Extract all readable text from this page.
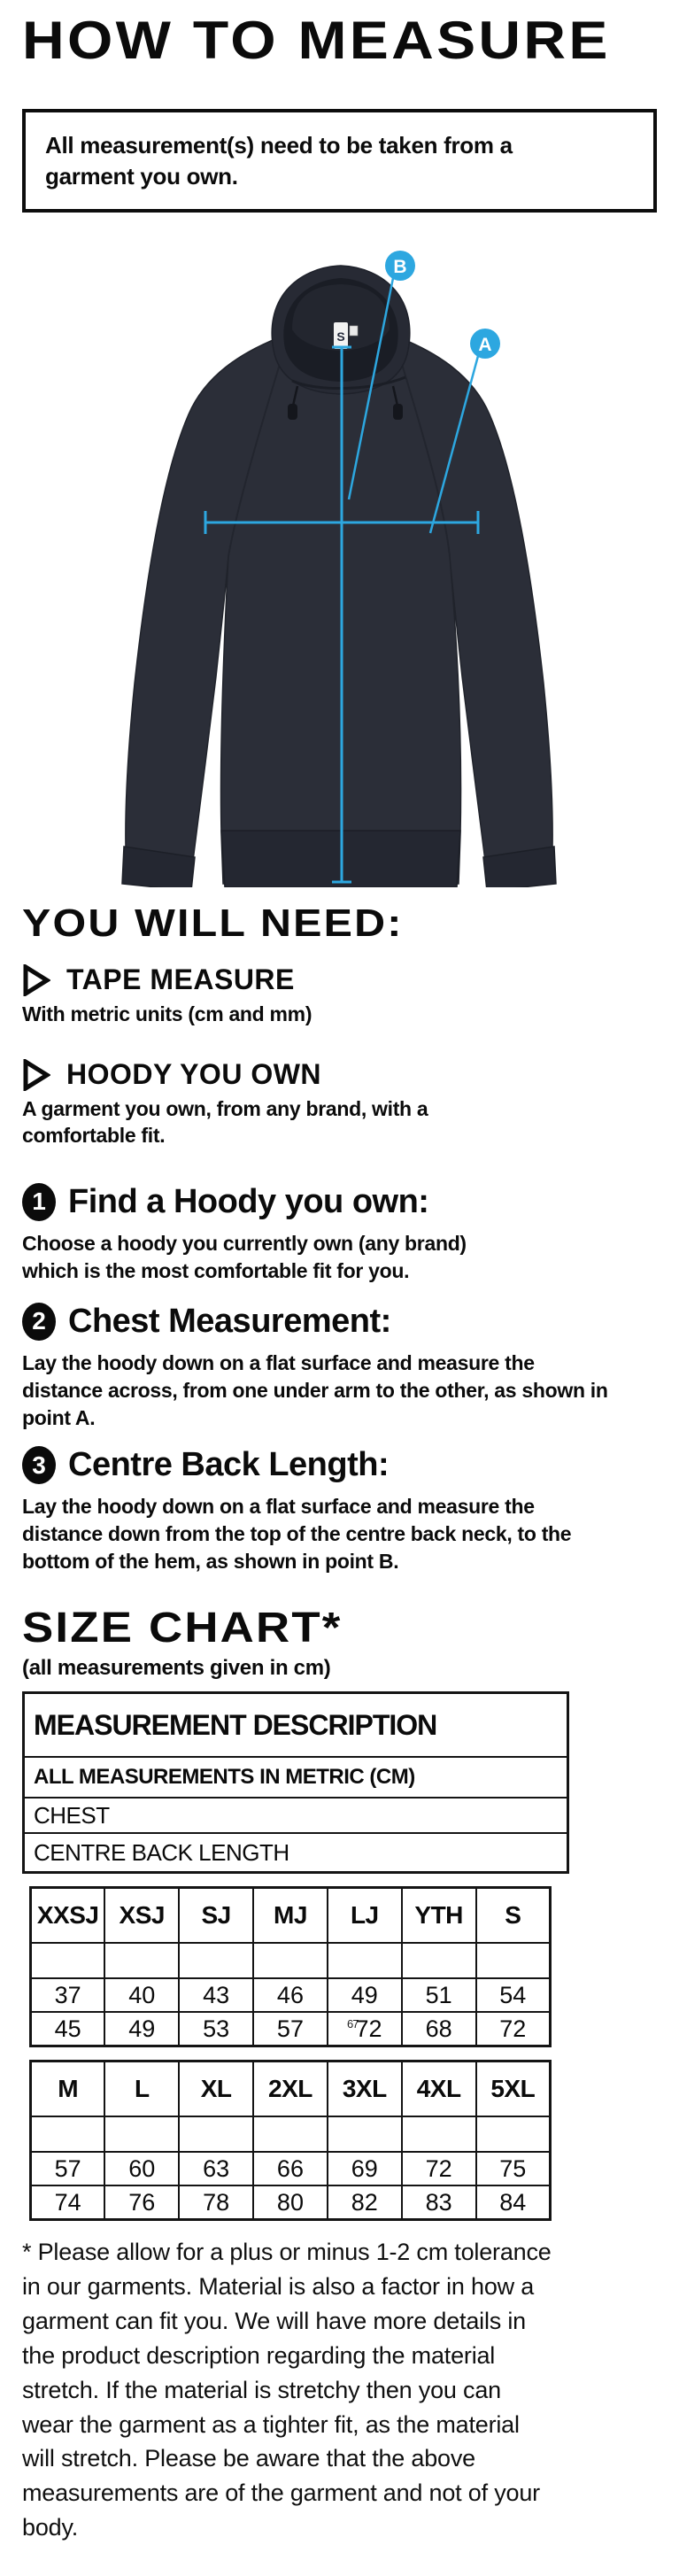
HOW TO MEASURE

All measurement(s) need to be taken from a garment you own.

S
B
A
YOU WILL NEED:
TAPE MEASURE

With metric units (cm and mm)

HOODY YOU OWN

A garment you own, from any brand, with a comfortable fit.

1 Find a Hoody you own:

Choose a hoody you currently own (any brand) which is the most comfortable fit for you.

2 Chest Measurement:

Lay the hoody down on a flat surface and measure the distance across, from one under arm to the other, as shown in point A.

3 Centre Back Length:

Lay the hoody down on a flat surface and measure the distance down from the top of the centre back neck, to the bottom of the hem, as shown in point B.

SIZE CHART*

(all measurements given in cm)

MEASUREMENT DESCRIPTION
ALL MEASUREMENTS IN METRIC (CM)
CHEST
CENTRE BACK LENGTH
XXSJ	XSJ	SJ	MJ	LJ	YTH	S

37	40	43	46	49	51	54
45	49	53	57	$^{67}$72	68	72
M	L	XL	2XL	3XL	4XL	5XL

57	60	63	66	69	72	75
74	76	78	80	82	83	84

* Please allow for a plus or minus 1-2 cm tolerance in our garments. Material is also a factor in how a garment can fit you. We will have more details in the product description regarding the material stretch. If the material is stretchy then you can wear the garment as a tighter fit, as the material will stretch. Please be aware that the above measurements are of the garment and not of your body.
